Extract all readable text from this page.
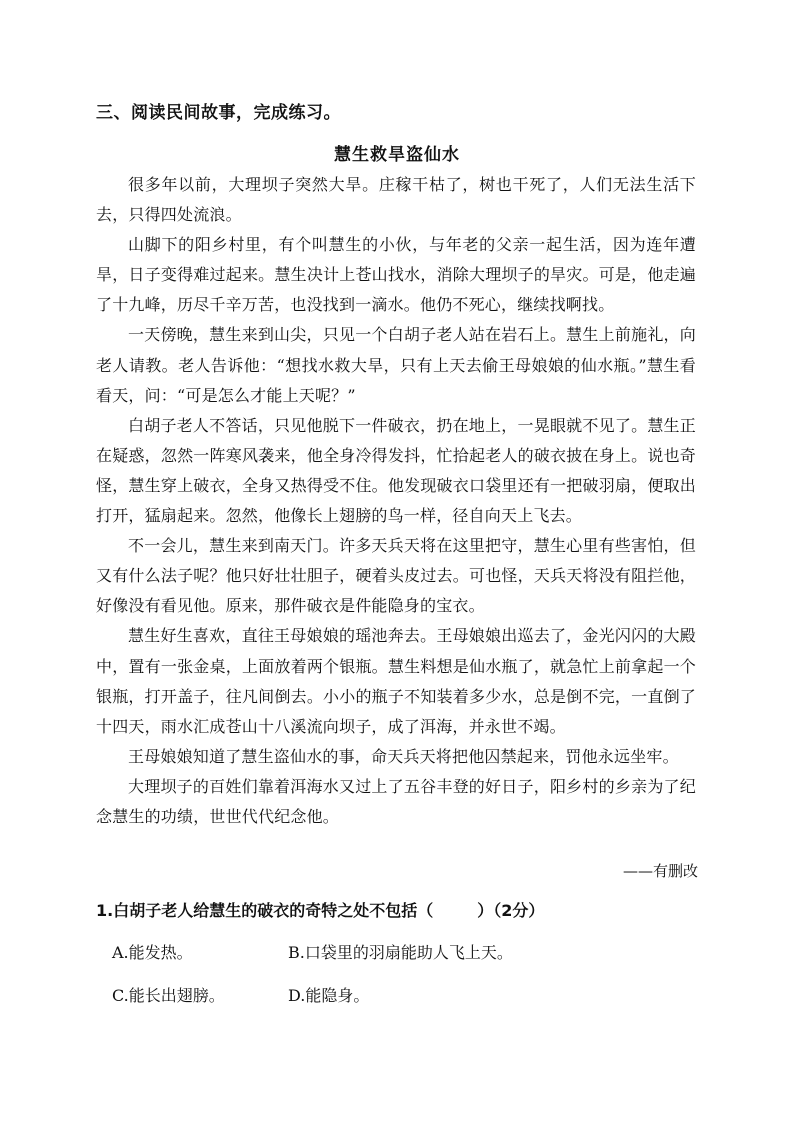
三、阅读民间故事，完成练习。
慧生救旱盗仙水

很多年以前，大理坝子突然大旱。庄稼干枯了，树也干死了，人们无法生活下去，只得四处流浪。

山脚下的阳乡村里，有个叫慧生的小伙，与年老的父亲一起生活，因为连年遭旱，日子变得难过起来。慧生决计上苍山找水，消除大理坝子的旱灾。可是，他走遍了十九峰，历尽千辛万苦，也没找到一滴水。他仍不死心，继续找啊找。

一天傍晚，慧生来到山尖，只见一个白胡子老人站在岩石上。慧生上前施礼，向老人请教。老人告诉他：“想找水救大旱，只有上天去偷王母娘娘的仙水瓶。”慧生看看天，问：“可是怎么才能上天呢？”

白胡子老人不答话，只见他脱下一件破衣，扔在地上，一晃眼就不见了。慧生正在疑惑，忽然一阵寒风袭来，他全身冷得发抖，忙拾起老人的破衣披在身上。说也奇怪，慧生穿上破衣，全身又热得受不住。他发现破衣口袋里还有一把破羽扇，便取出打开，猛扇起来。忽然，他像长上翅膀的鸟一样，径自向天上飞去。

不一会儿，慧生来到南天门。许多天兵天将在这里把守，慧生心里有些害怕，但又有什么法子呢？他只好壮壮胆子，硬着头皮过去。可也怪，天兵天将没有阻拦他，好像没有看见他。原来，那件破衣是件能隐身的宝衣。

慧生好生喜欢，直往王母娘娘的瑶池奔去。王母娘娘出巡去了，金光闪闪的大殿中，置有一张金桌，上面放着两个银瓶。慧生料想是仙水瓶了，就急忙上前拿起一个银瓶，打开盖子，往凡间倒去。小小的瓶子不知装着多少水，总是倒不完，一直倒了十四天，雨水汇成苍山十八溪流向坝子，成了洱海，并永世不竭。

王母娘娘知道了慧生盗仙水的事，命天兵天将把他囚禁起来，罚他永远坐牢。

大理坝子的百姓们靠着洱海水又过上了五谷丰登的好日子，阳乡村的乡亲为了纪念慧生的功绩，世世代代纪念他。

——有删改
1.白胡子老人给慧生的破衣的奇特之处不包括（	）（2分）
A.能发热。	B.口袋里的羽扇能助人飞上天。
C.能长出翅膀。	D.能隐身。
